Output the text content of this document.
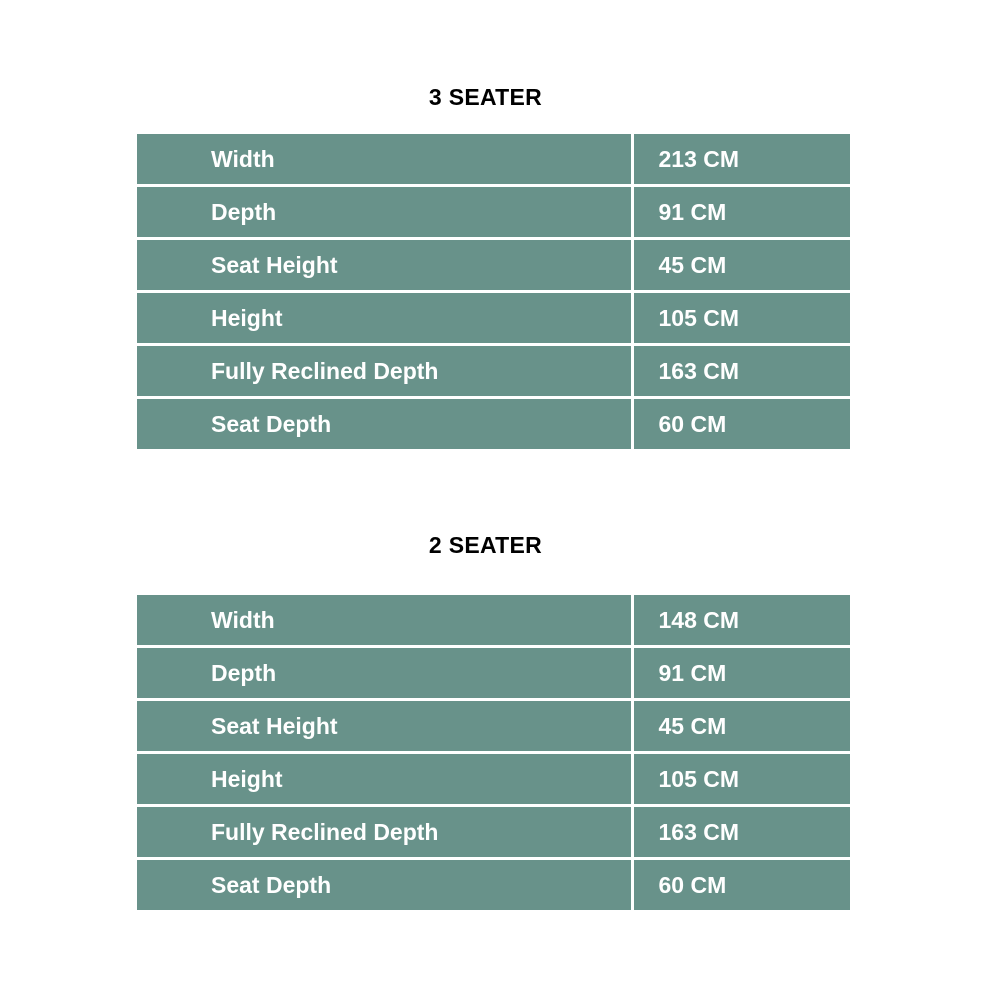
3 SEATER
Width	213 CM
Depth	91 CM
Seat Height	45 CM
Height	105 CM
Fully Reclined Depth	163 CM
Seat Depth	60 CM
2 SEATER
Width	148 CM
Depth	91 CM
Seat Height	45 CM
Height	105 CM
Fully Reclined Depth	163 CM
Seat Depth	60 CM
